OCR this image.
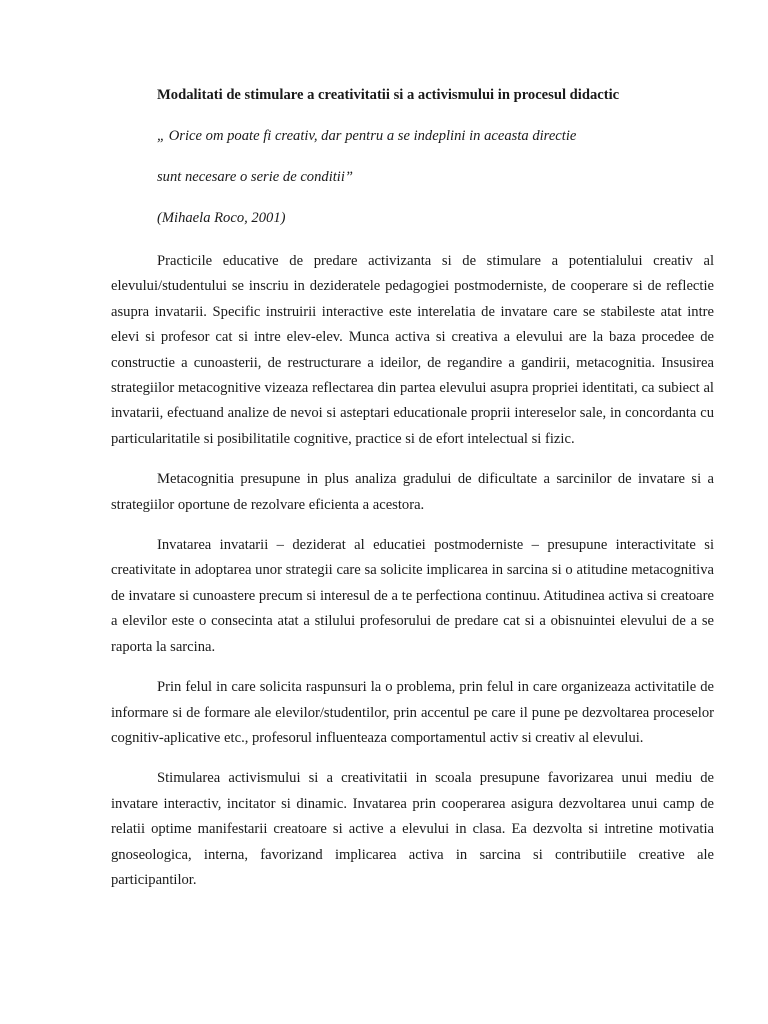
Modalitati de stimulare a creativitatii si a activismului in procesul didactic

„ Orice om poate fi creativ, dar pentru a se indeplini in aceasta directie

sunt necesare o serie de conditii”

(Mihaela Roco, 2001)

Practicile educative de predare activizanta si de stimulare a potentialului creativ al elevului/studentului se inscriu in dezideratele pedagogiei postmoderniste, de cooperare si de reflectie asupra invatarii. Specific instruirii interactive este interelatia de invatare care se stabileste atat intre elevi si profesor cat si intre elev-elev. Munca activa si creativa a elevului are la baza procedee de constructie a cunoasterii, de restructurare a ideilor, de regandire a gandirii, metacognitia. Insusirea strategiilor metacognitive vizeaza reflectarea din partea elevului asupra propriei identitati, ca subiect al invatarii, efectuand analize de nevoi si asteptari educationale proprii intereselor sale, in concordanta cu particularitatile si posibilitatile cognitive, practice si de efort intelectual si fizic.

Metacognitia presupune in plus analiza gradului de dificultate a sarcinilor de invatare si a strategiilor oportune de rezolvare eficienta a acestora.

Invatarea invatarii – deziderat al educatiei postmoderniste – presupune interactivitate si creativitate in adoptarea unor strategii care sa solicite implicarea in sarcina si o atitudine metacognitiva de invatare si cunoastere precum si interesul de a te perfectiona continuu. Atitudinea activa si creatoare a elevilor este o consecinta atat a stilului profesorului de predare cat si a obisnuintei elevului de a se raporta la sarcina.

Prin felul in care solicita raspunsuri la o problema, prin felul in care organizeaza activitatile de informare si de formare ale elevilor/studentilor, prin accentul pe care il pune pe dezvoltarea proceselor cognitiv-aplicative etc., profesorul influenteaza comportamentul activ si creativ al elevului.

Stimularea activismului si a creativitatii in scoala presupune favorizarea unui mediu de invatare interactiv, incitator si dinamic. Invatarea prin cooperarea asigura dezvoltarea unui camp de relatii optime manifestarii creatoare si active a elevului in clasa. Ea dezvolta si intretine motivatia gnoseologica, interna, favorizand implicarea activa in sarcina si contributiile creative ale participantilor.
